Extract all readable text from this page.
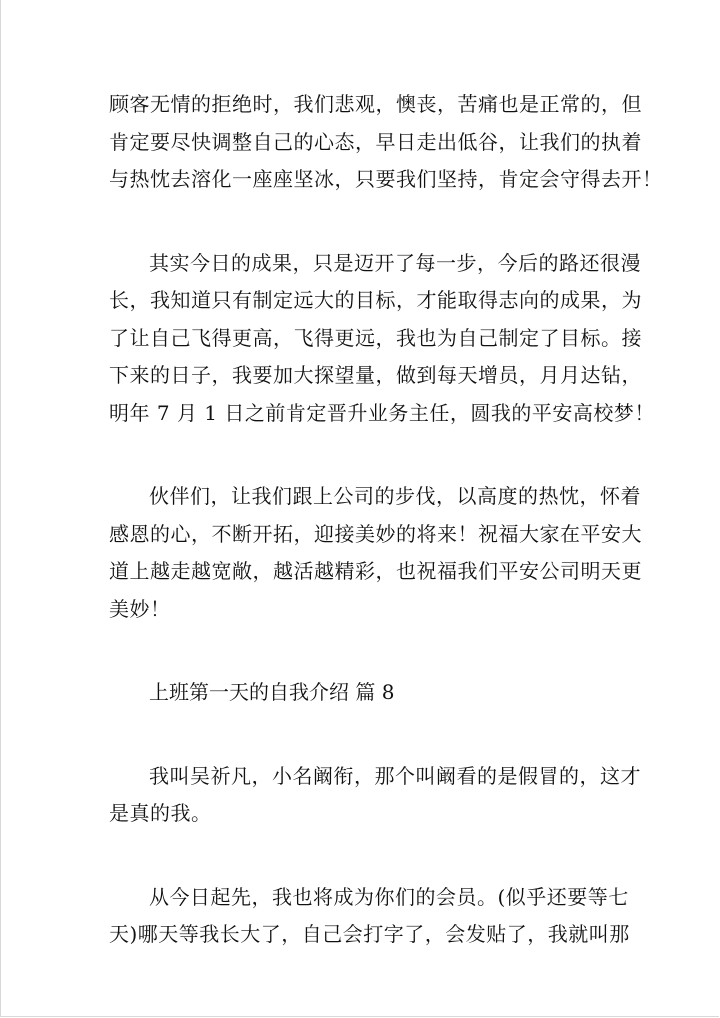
顾客无情的拒绝时，我们悲观，懊丧，苦痛也是正常的，但
肯定要尽快调整自己的心态，早日走出低谷，让我们的执着
与热忱去溶化一座座坚冰，只要我们坚持，肯定会守得去开！

其实今日的成果，只是迈开了每一步，今后的路还很漫
长，我知道只有制定远大的目标，才能取得志向的成果，为
了让自己飞得更高，飞得更远，我也为自己制定了目标。接
下来的日子，我要加大探望量，做到每天增员，月月达钻，
明年 7 月 1 日之前肯定晋升业务主任，圆我的平安高校梦！

伙伴们，让我们跟上公司的步伐，以高度的热忱，怀着
感恩的心，不断开拓，迎接美妙的将来！祝福大家在平安大
道上越走越宽敞，越活越精彩，也祝福我们平安公司明天更
美妙！

上班第一天的自我介绍 篇 8

我叫吴祈凡，小名阚衔，那个叫阚看的是假冒的，这才
是真的我。

从今日起先，我也将成为你们的会员。(似乎还要等七
天)哪天等我长大了，自己会打字了，会发贴了，我就叫那
